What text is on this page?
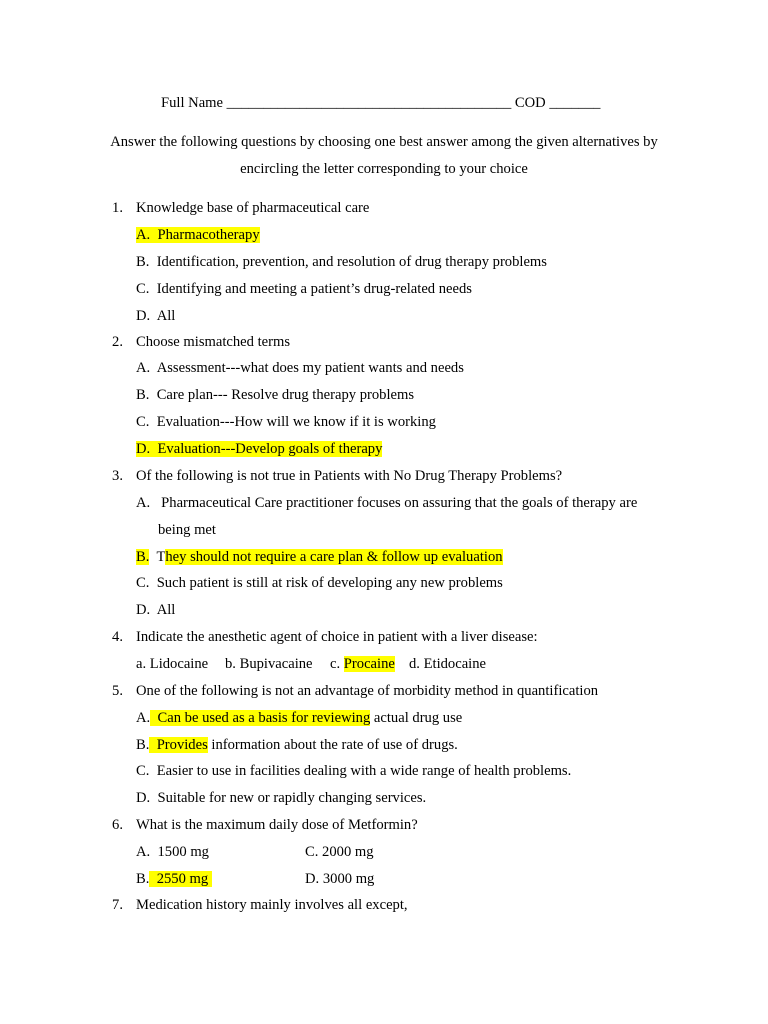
Full Name _______________________________________ COD _______
Answer the following questions by choosing one best answer among the given alternatives by
encircling the letter corresponding to your choice
1. Knowledge base of pharmaceutical care
A. Pharmacotherapy
B. Identification, prevention, and resolution of drug therapy problems
C. Identifying and meeting a patient’s drug-related needs
D. All
2. Choose mismatched terms
A. Assessment---what does my patient wants and needs
B. Care plan--- Resolve drug therapy problems
C. Evaluation---How will we know if it is working
D. Evaluation---Develop goals of therapy
3. Of the following is not true in Patients with No Drug Therapy Problems?
A. Pharmaceutical Care practitioner focuses on assuring that the goals of therapy are
being met
B. They should not require a care plan & follow up evaluation
C. Such patient is still at risk of developing any new problems
D. All
4. Indicate the anesthetic agent of choice in patient with a liver disease:
a. Lidocaine b. Bupivacaine c. Procaine d. Etidocaine
5. One of the following is not an advantage of morbidity method in quantification
A. Can be used as a basis for reviewing actual drug use
B. Provides information about the rate of use of drugs.
C. Easier to use in facilities dealing with a wide range of health problems.
D. Suitable for new or rapidly changing services.
6. What is the maximum daily dose of Metformin?
A. 1500 mg	C. 2000 mg
B. 2550 mg	D. 3000 mg
7. Medication history mainly involves all except,
